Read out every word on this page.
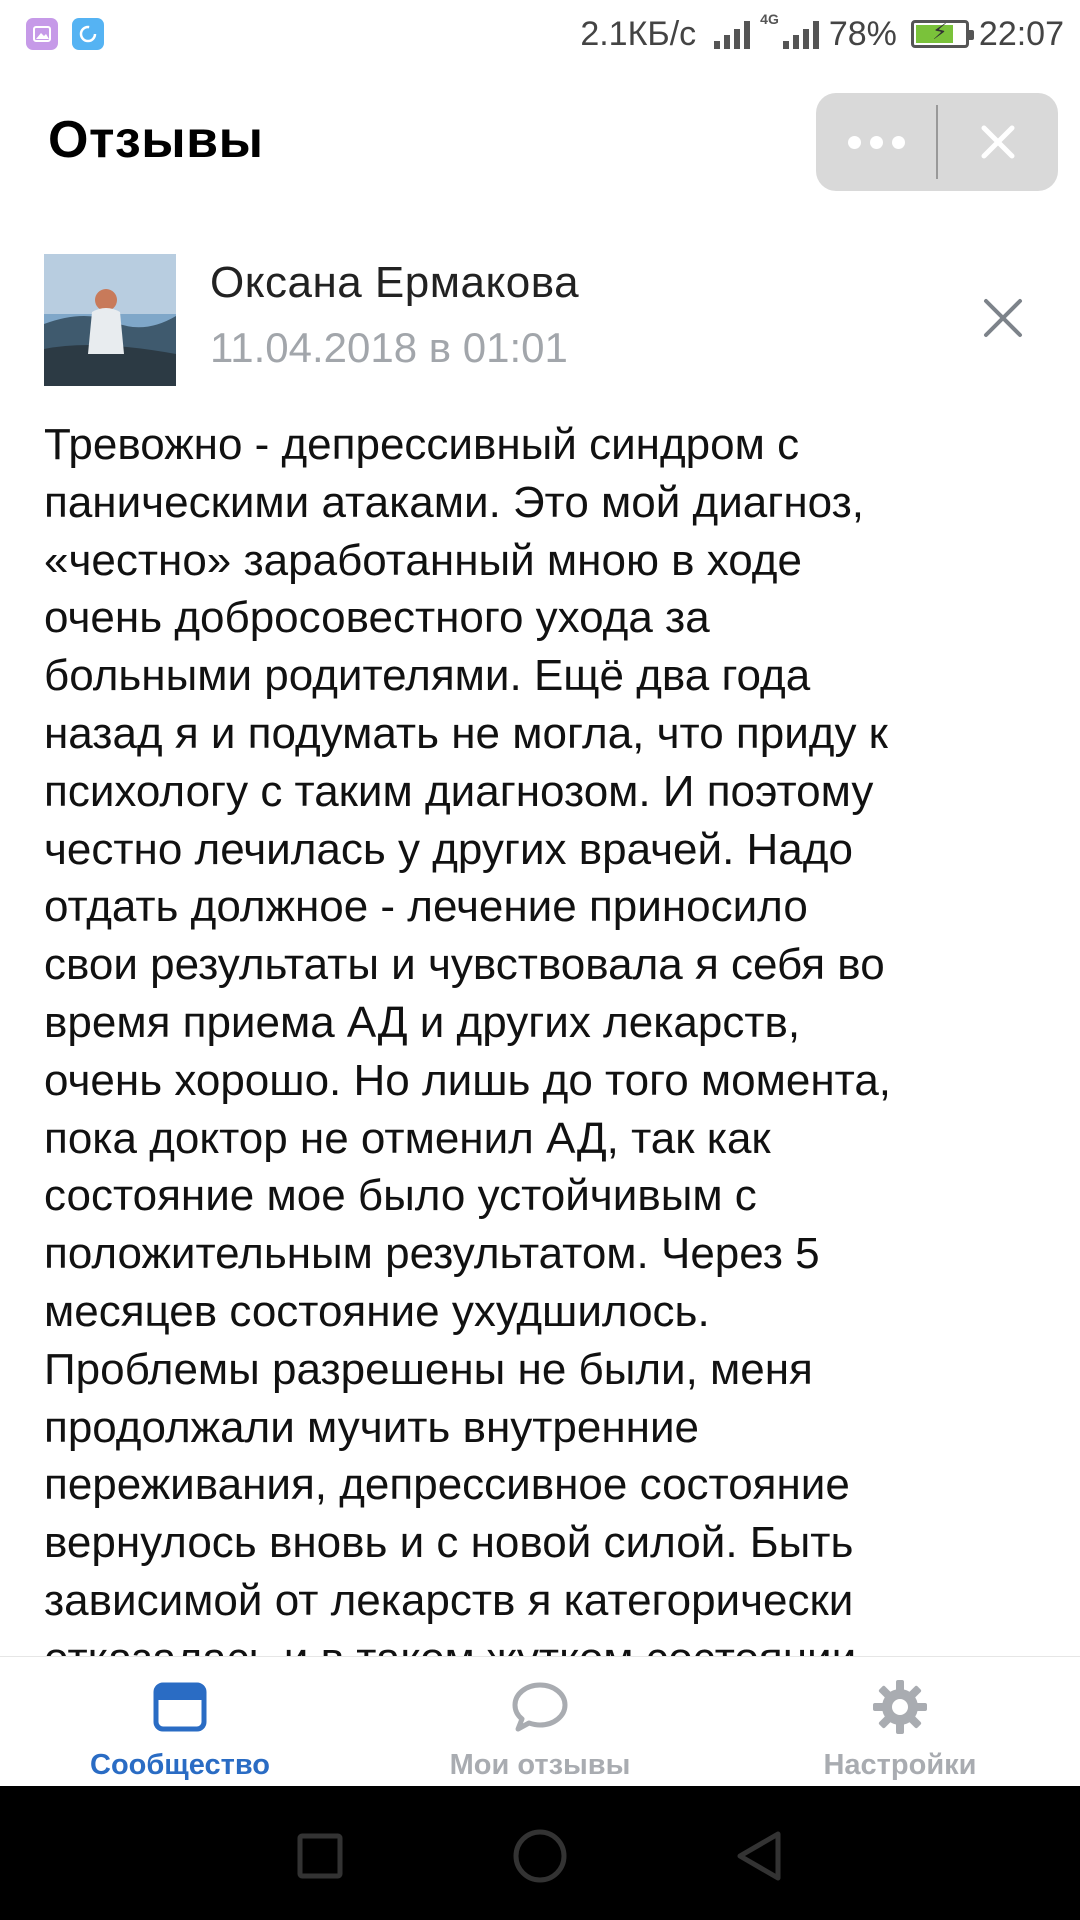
2.1КБ/с	4G 78%	⚡ 22:07
Отзывы
Оксана Ермакова
11.04.2018 в 01:01
Тревожно - депрессивный синдром с
паническими атаками. Это мой диагноз,
«честно» заработанный мною в ходе
очень добросовестного ухода за
больными родителями. Ещё два года
назад я и подумать не могла, что приду к
психологу с таким диагнозом. И поэтому
честно лечилась у других врачей. Надо
отдать должное - лечение приносило
свои результаты и чувствовала я себя во
время приема АД и других лекарств,
очень хорошо. Но лишь до того момента,
пока доктор не отменил АД, так как
состояние мое было устойчивым с
положительным результатом. Через 5
месяцев состояние ухудшилось.
Проблемы разрешены не были, меня
продолжали мучить внутренние
переживания, депрессивное состояние
вернулось вновь и с новой силой. Быть
зависимой от лекарств я категорически
Сообщество	Мои отзывы	Настройки
